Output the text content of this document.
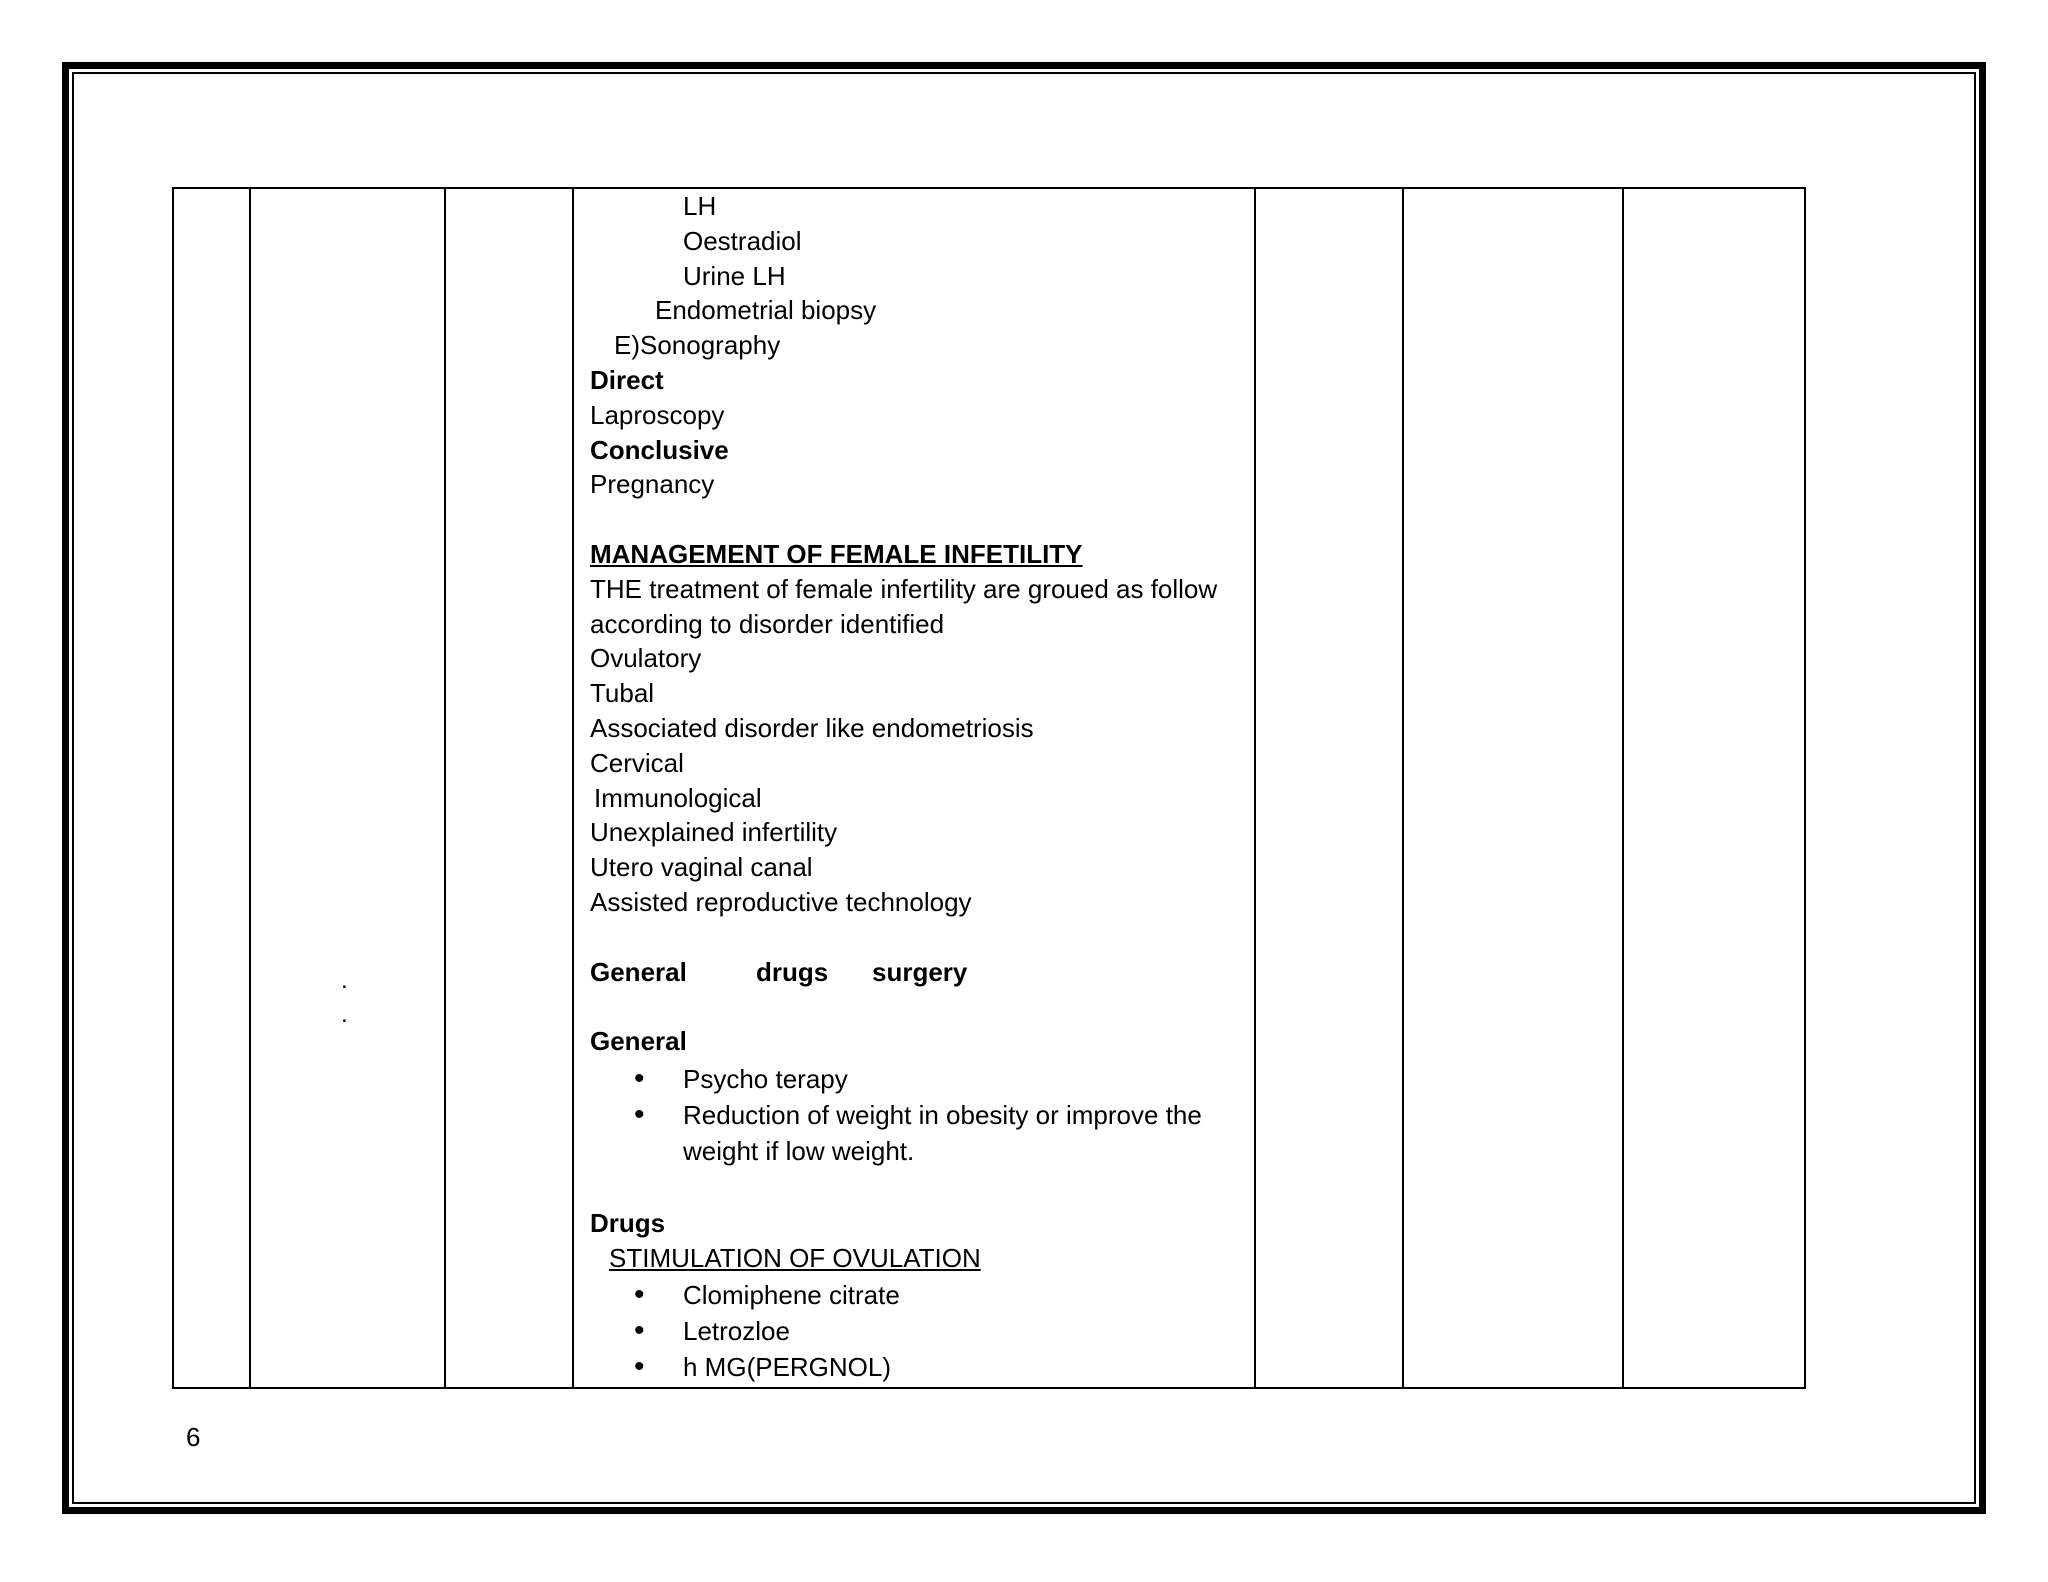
.
.

LH

Oestradiol

Urine LH

Endometrial biopsy

E)Sonography

Direct

Laproscopy

Conclusive

Pregnancy

MANAGEMENT OF FEMALE INFETILITY

THE treatment of female infertility are groued as follow

according to disorder identified

Ovulatory

Tubal

Associated disorder like endometriosis

Cervical

Immunological

Unexplained infertility

Utero vaginal canal

Assisted reproductive technology

General	drugs surgery

General

• Psycho terapy
• Reduction of weight in obesity or improve the weight if low weight.

Drugs

STIMULATION OF OVULATION

• Clomiphene citrate
• Letrozloe
• h MG(PERGNOL)

6
